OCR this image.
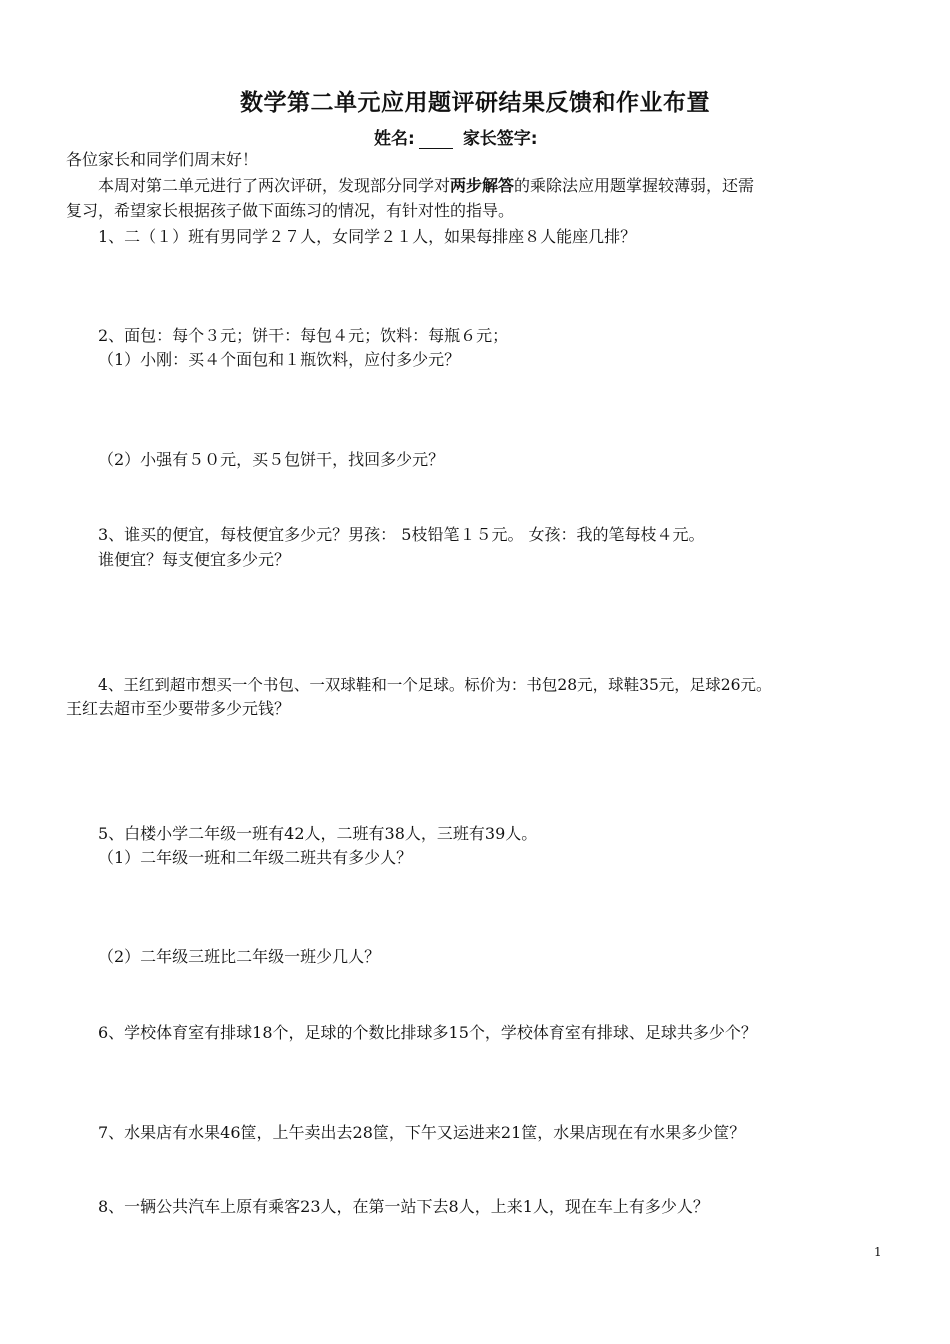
数学第二单元应用题评研结果反馈和作业布置
姓名:	家长签字:
各位家长和同学们周末好！
本周对第二单元进行了两次评研，发现部分同学对两步解答的乘除法应用题掌握较薄弱，还需
复习，希望家长根据孩子做下面练习的情况，有针对性的指导。
1、二（１）班有男同学２７人，女同学２１人，如果每排座８人能座几排？
2、面包：每个３元；饼干：每包４元；饮料：每瓶６元；
（1）小刚：买４个面包和１瓶饮料，应付多少元？
（2）小强有５０元，买５包饼干，找回多少元？
3、谁买的便宜，每枝便宜多少元？男孩： 5枝铅笔１５元。 女孩：我的笔每枝４元。
谁便宜？每支便宜多少元？
4、王红到超市想买一个书包、一双球鞋和一个足球。标价为：书包28元，球鞋35元，足球26元。
王红去超市至少要带多少元钱？
5、白楼小学二年级一班有42人，二班有38人，三班有39人。
（1）二年级一班和二年级二班共有多少人？
（2）二年级三班比二年级一班少几人？
6、学校体育室有排球18个，足球的个数比排球多15个，学校体育室有排球、足球共多少个？
7、水果店有水果46筐，上午卖出去28筐，下午又运进来21筐，水果店现在有水果多少筐？
8、一辆公共汽车上原有乘客23人，在第一站下去8人，上来1人，现在车上有多少人？
1
